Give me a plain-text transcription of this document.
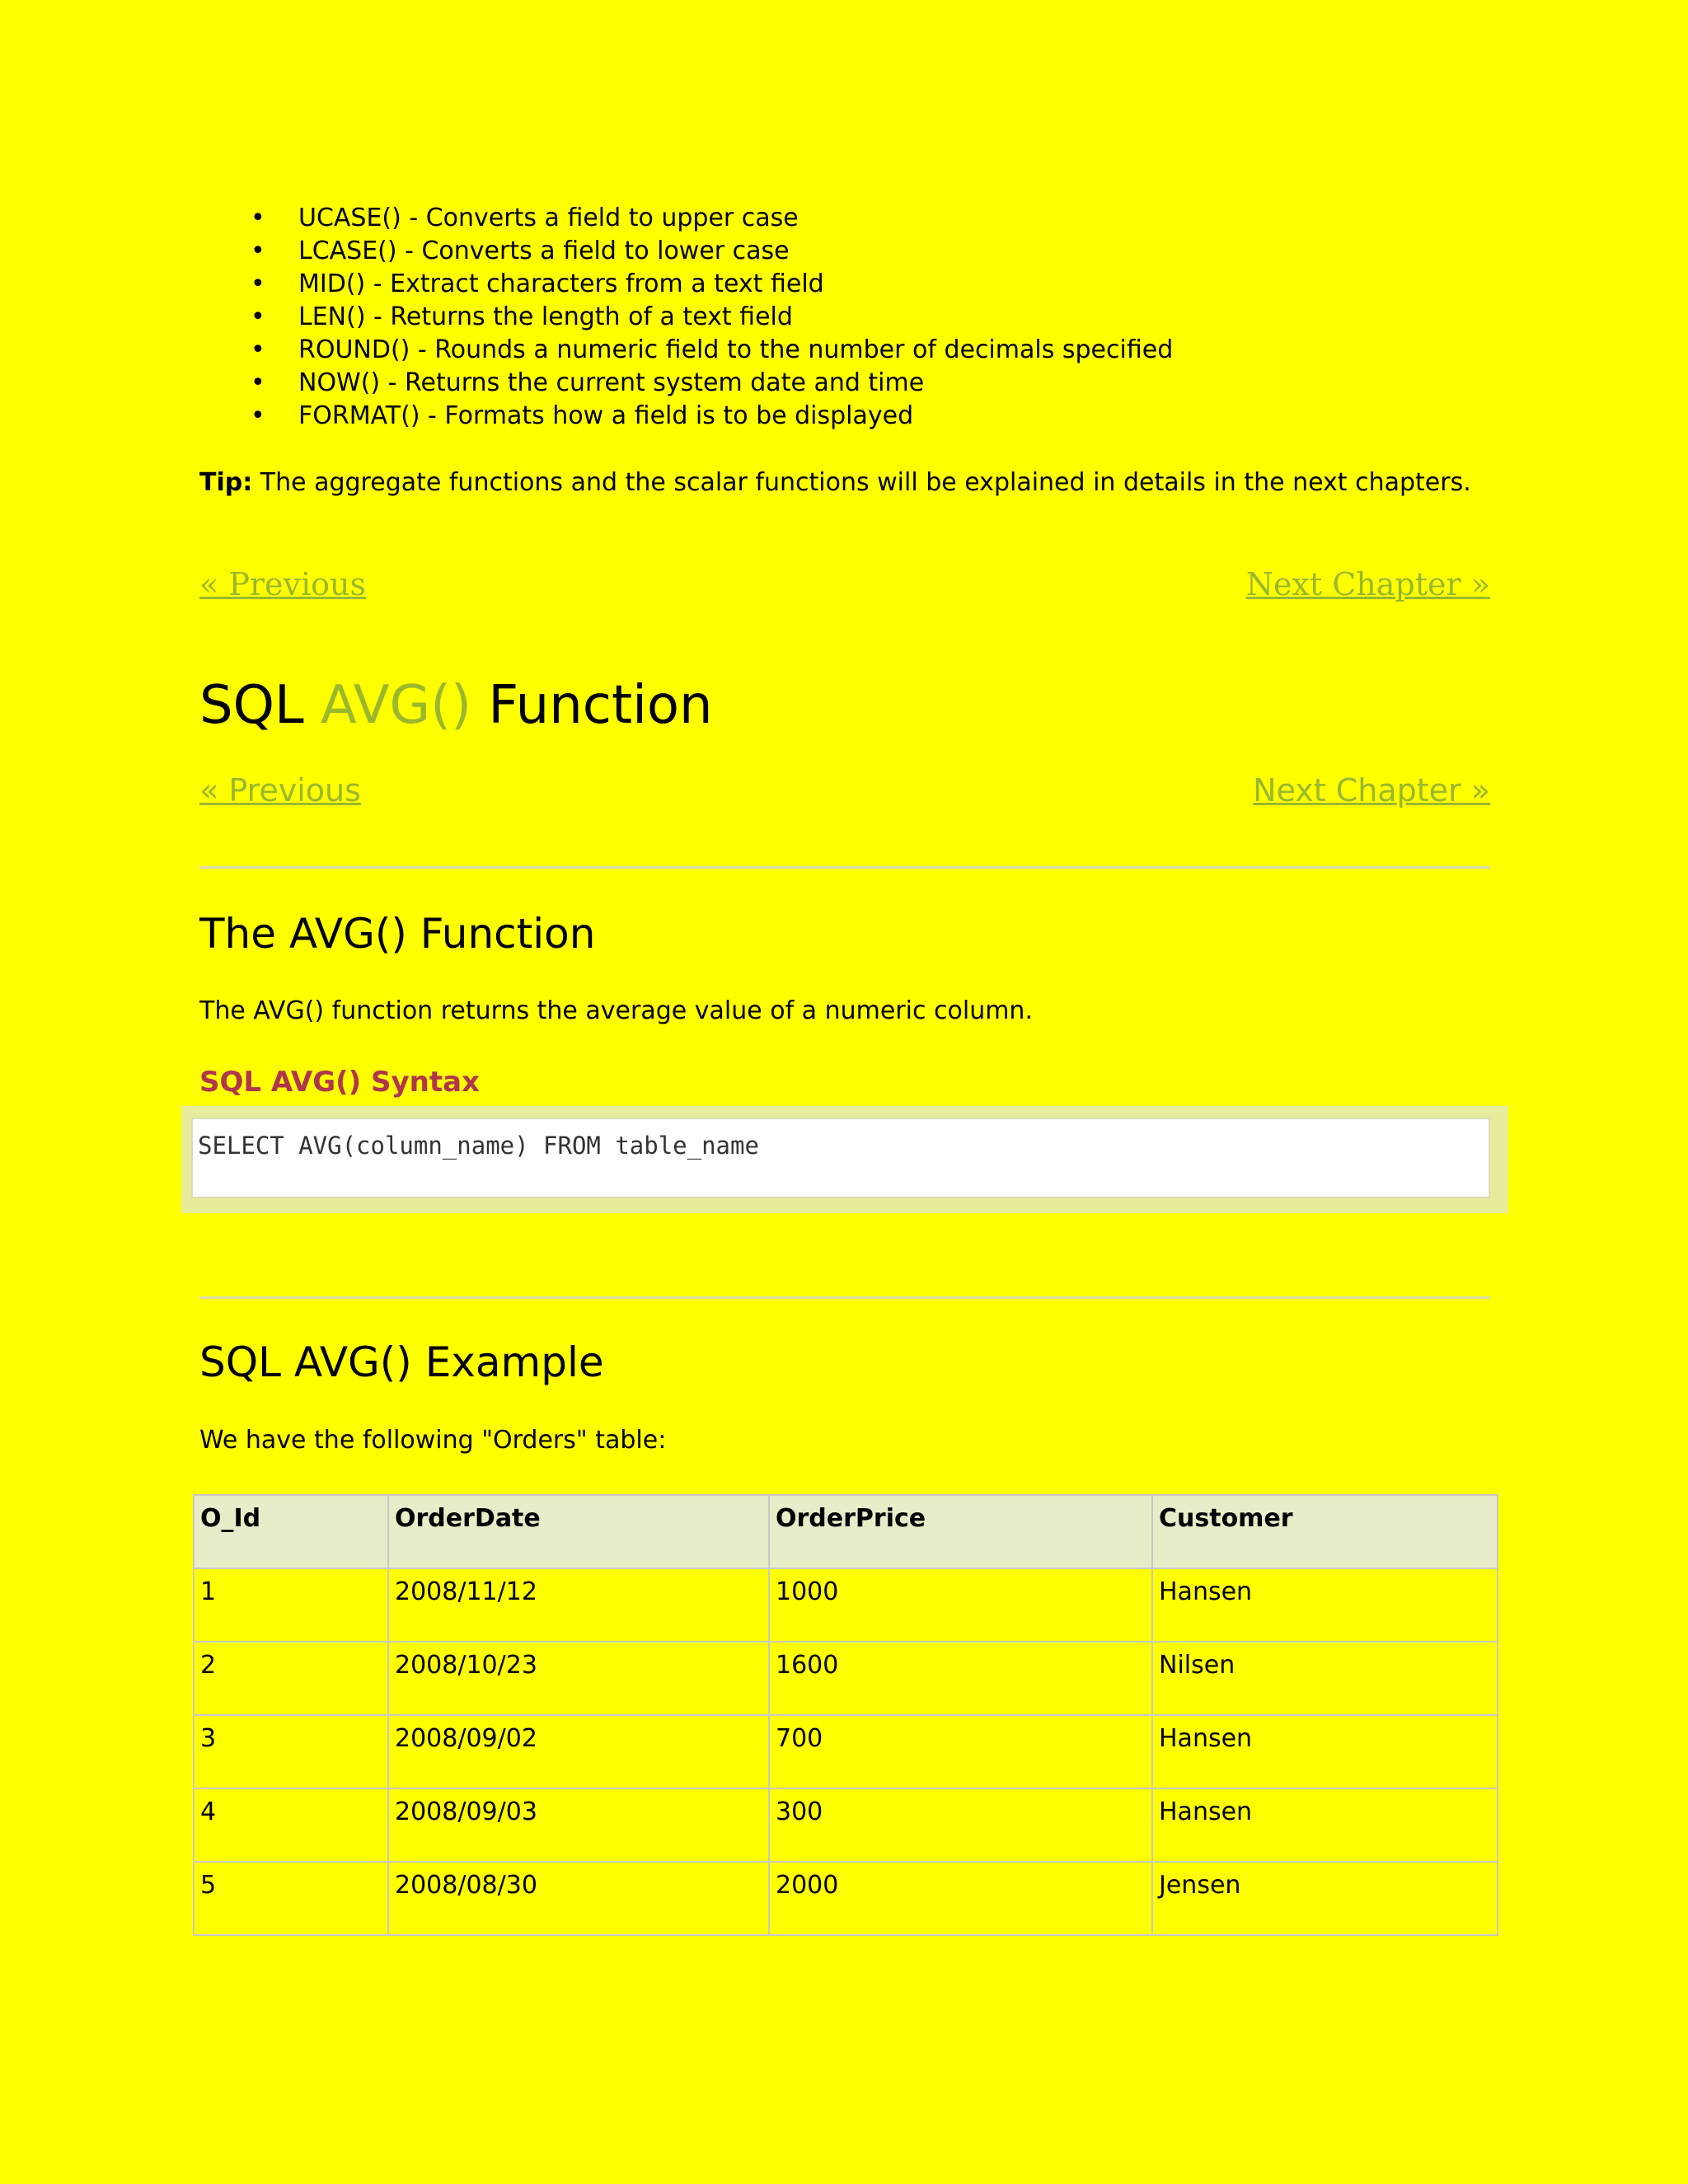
• UCASE() - Converts a field to upper case
• LCASE() - Converts a field to lower case
• MID() - Extract characters from a text field
• LEN() - Returns the length of a text field
• ROUND() - Rounds a numeric field to the number of decimals specified
• NOW() - Returns the current system date and time
• FORMAT() - Formats how a field is to be displayed
Tip: The aggregate functions and the scalar functions will be explained in details in the next chapters.
« Previous	Next Chapter »
SQL AVG() Function
« Previous	Next Chapter »
The AVG() Function
The AVG() function returns the average value of a numeric column.
SQL AVG() Syntax
SELECT AVG(column_name) FROM table_name
SQL AVG() Example
We have the following "Orders" table:
O_Id	OrderDate	OrderPrice	Customer
1	2008/11/12	1000	Hansen
2	2008/10/23	1600	Nilsen
3	2008/09/02	700	Hansen
4	2008/09/03	300	Hansen
5	2008/08/30	2000	Jensen
